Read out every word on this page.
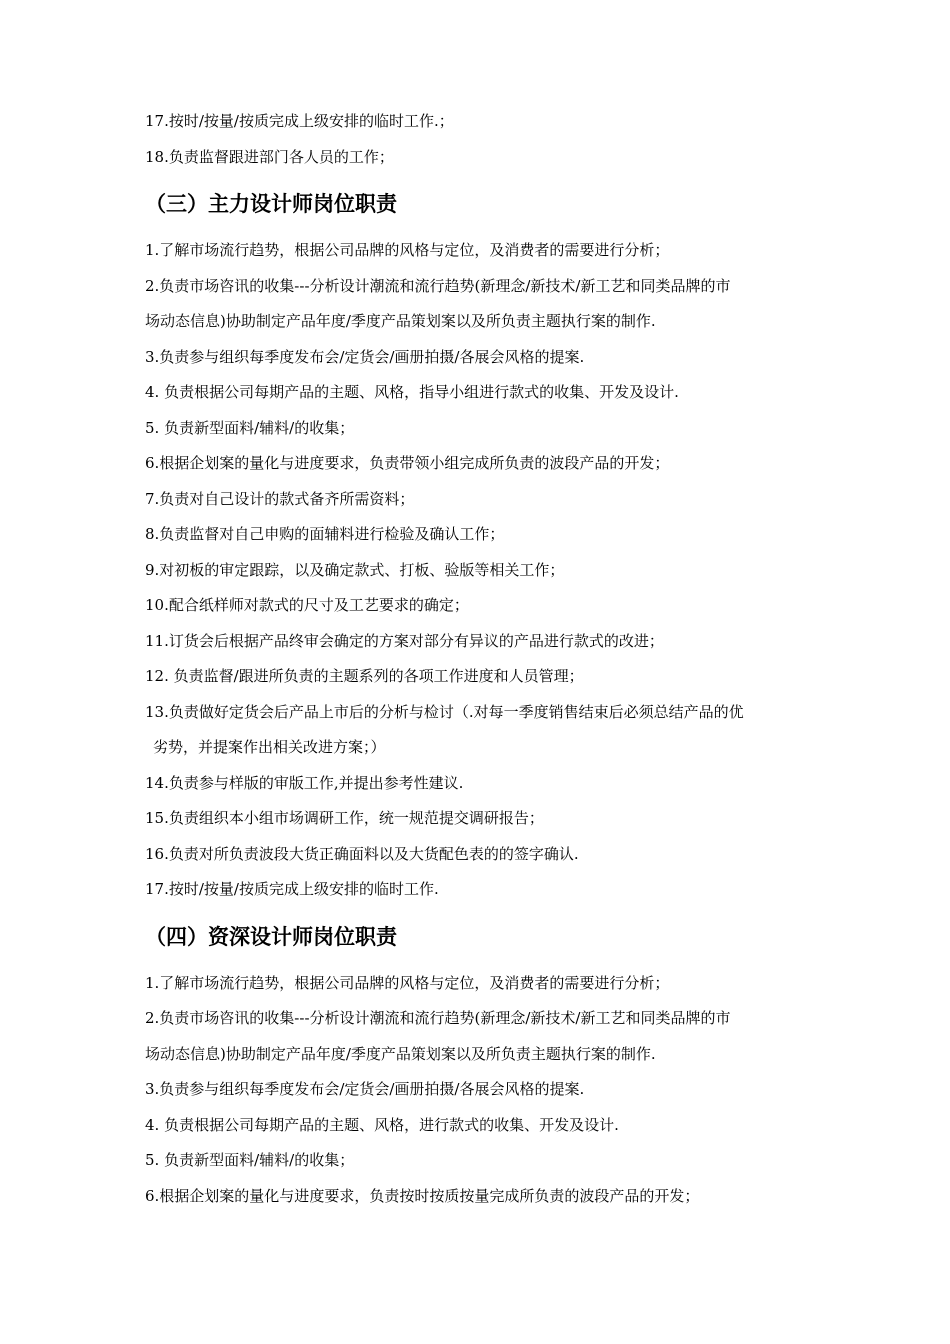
17.按时/按量/按质完成上级安排的临时工作.；
18.负责监督跟进部门各人员的工作；
（三）主力设计师岗位职责
1.了解市场流行趋势，根据公司品牌的风格与定位，及消费者的需要进行分析；
2.负责市场咨讯的收集---分析设计潮流和流行趋势(新理念/新技术/新工艺和同类品牌的市
场动态信息)协助制定产品年度/季度产品策划案以及所负责主题执行案的制作.
3.负责参与组织每季度发布会/定货会/画册拍摄/各展会风格的提案.
4. 负责根据公司每期产品的主题、风格，指导小组进行款式的收集、开发及设计.
5. 负责新型面料/辅料/的收集；
6.根据企划案的量化与进度要求，负责带领小组完成所负责的波段产品的开发；
7.负责对自己设计的款式备齐所需资料；
8.负责监督对自己申购的面辅料进行检验及确认工作；
9.对初板的审定跟踪，以及确定款式、打板、验版等相关工作；
10.配合纸样师对款式的尺寸及工艺要求的确定；
11.订货会后根据产品终审会确定的方案对部分有异议的产品进行款式的改进；
12. 负责监督/跟进所负责的主题系列的各项工作进度和人员管理；
13.负责做好定货会后产品上市后的分析与检讨（.对每一季度销售结束后必须总结产品的优
劣势，并提案作出相关改进方案；）
14.负责参与样版的审版工作,并提出参考性建议.
15.负责组织本小组市场调研工作，统一规范提交调研报告；
16.负责对所负责波段大货正确面料以及大货配色表的的签字确认.
17.按时/按量/按质完成上级安排的临时工作.
（四）资深设计师岗位职责
1.了解市场流行趋势，根据公司品牌的风格与定位，及消费者的需要进行分析；
2.负责市场咨讯的收集---分析设计潮流和流行趋势(新理念/新技术/新工艺和同类品牌的市
场动态信息)协助制定产品年度/季度产品策划案以及所负责主题执行案的制作.
3.负责参与组织每季度发布会/定货会/画册拍摄/各展会风格的提案.
4. 负责根据公司每期产品的主题、风格，进行款式的收集、开发及设计.
5. 负责新型面料/辅料/的收集；
6.根据企划案的量化与进度要求，负责按时按质按量完成所负责的波段产品的开发；
